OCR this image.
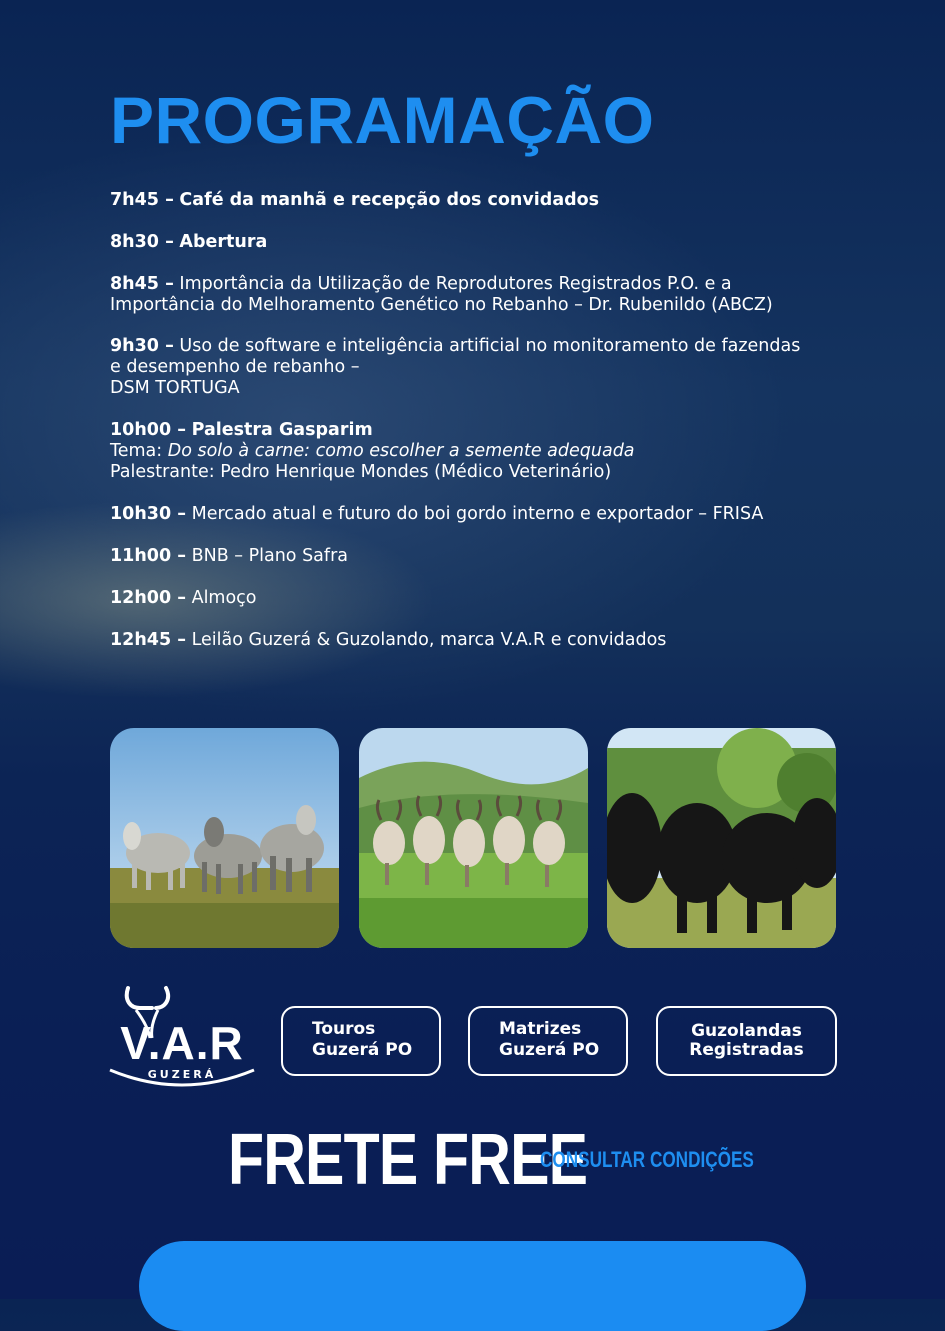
PROGRAMAÇÃO
7h45 – Café da manhã e recepção dos convidados
8h30 – Abertura
8h45 – Importância da Utilização de Reprodutores Registrados P.O. e a
Importância do Melhoramento Genético no Rebanho – Dr. Rubenildo (ABCZ)
9h30 – Uso de software e inteligência artificial no monitoramento de fazendas
e desempenho de rebanho –
DSM TORTUGA
10h00 – Palestra Gasparim
Tema: Do solo à carne: como escolher a semente adequada
Palestrante: Pedro Henrique Mondes (Médico Veterinário)
10h30 – Mercado atual e futuro do boi gordo interno e exportador – FRISA
11h00 – BNB – Plano Safra
12h00 – Almoço
12h45 – Leilão Guzerá & Guzolando, marca V.A.R e convidados
V.A.R
GUZERÁ
Touros
Guzerá PO
Matrizes
Guzerá PO
Guzolandas
Registradas
FRETE FREE
CONSULTAR CONDIÇÕES
